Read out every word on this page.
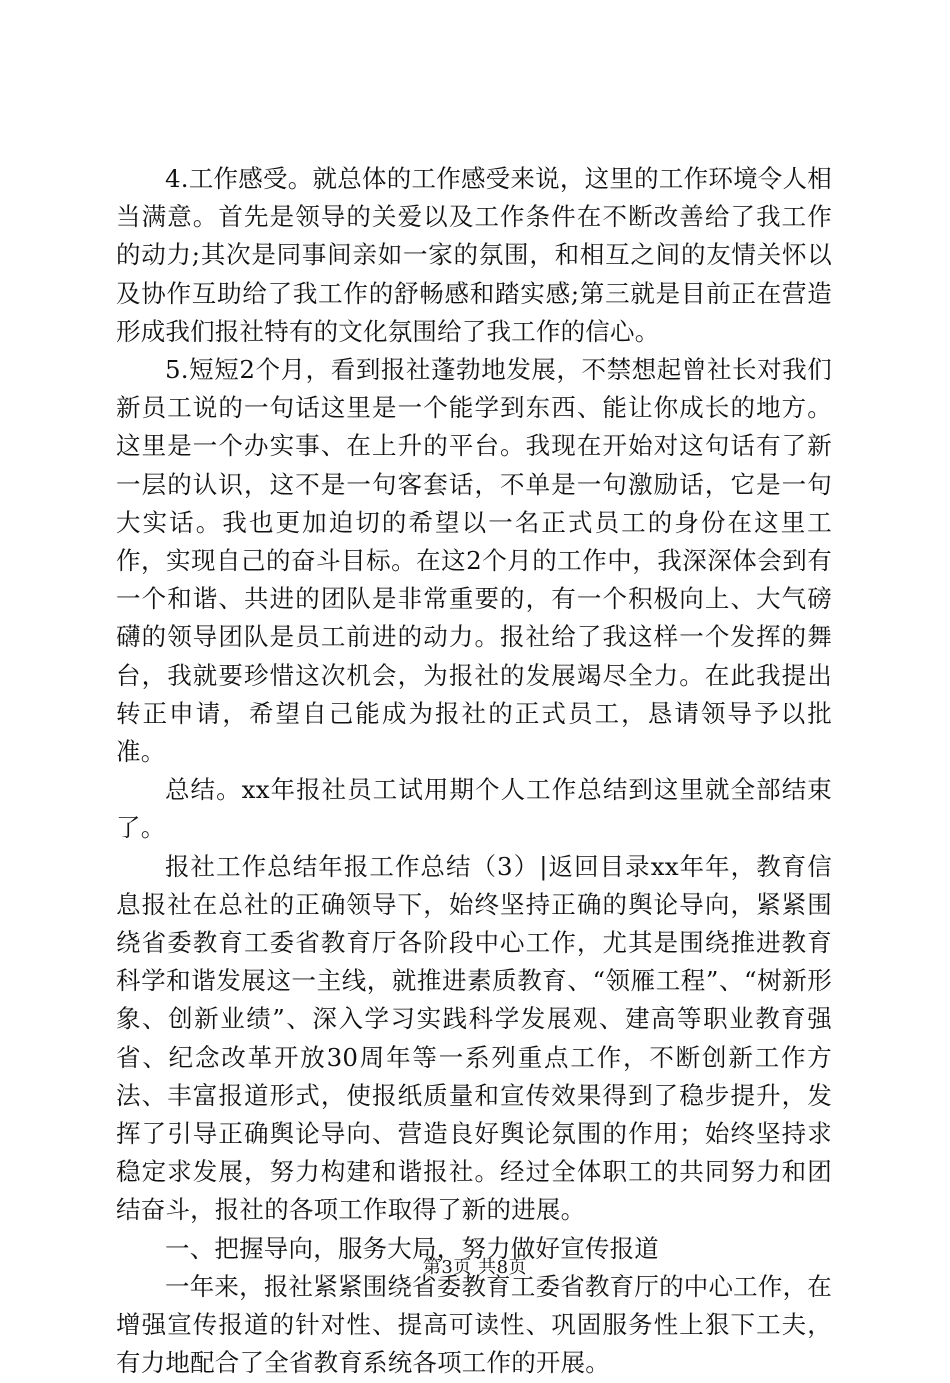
4.工作感受。就总体的工作感受来说，这里的工作环境令人相当满意。首先是领导的关爱以及工作条件在不断改善给了我工作的动力;其次是同事间亲如一家的氛围，和相互之间的友情关怀以及协作互助给了我工作的舒畅感和踏实感;第三就是目前正在营造形成我们报社特有的文化氛围给了我工作的信心。

5.短短2个月，看到报社蓬勃地发展，不禁想起曾社长对我们新员工说的一句话这里是一个能学到东西、能让你成长的地方。这里是一个办实事、在上升的平台。我现在开始对这句话有了新一层的认识，这不是一句客套话，不单是一句激励话，它是一句大实话。我也更加迫切的希望以一名正式员工的身份在这里工作，实现自己的奋斗目标。在这2个月的工作中，我深深体会到有一个和谐、共进的团队是非常重要的，有一个积极向上、大气磅礴的领导团队是员工前进的动力。报社给了我这样一个发挥的舞台，我就要珍惜这次机会，为报社的发展竭尽全力。在此我提出转正申请，希望自己能成为报社的正式员工，恳请领导予以批准。

总结。xx年报社员工试用期个人工作总结到这里就全部结束了。

报社工作总结年报工作总结（3）|返回目录xx年年，教育信息报社在总社的正确领导下，始终坚持正确的舆论导向，紧紧围绕省委教育工委省教育厅各阶段中心工作，尤其是围绕推进教育科学和谐发展这一主线，就推进素质教育、“领雁工程”、“树新形象、创新业绩”、深入学习实践科学发展观、建高等职业教育强省、纪念改革开放30周年等一系列重点工作，不断创新工作方法、丰富报道形式，使报纸质量和宣传效果得到了稳步提升，发挥了引导正确舆论导向、营造良好舆论氛围的作用；始终坚持求稳定求发展，努力构建和谐报社。经过全体职工的共同努力和团结奋斗，报社的各项工作取得了新的进展。

一、把握导向，服务大局，努力做好宣传报道

一年来，报社紧紧围绕省委教育工委省教育厅的中心工作，在增强宣传报道的针对性、提高可读性、巩固服务性上狠下工夫，有力地配合了全省教育系统各项工作的开展。

第3页 共8页
